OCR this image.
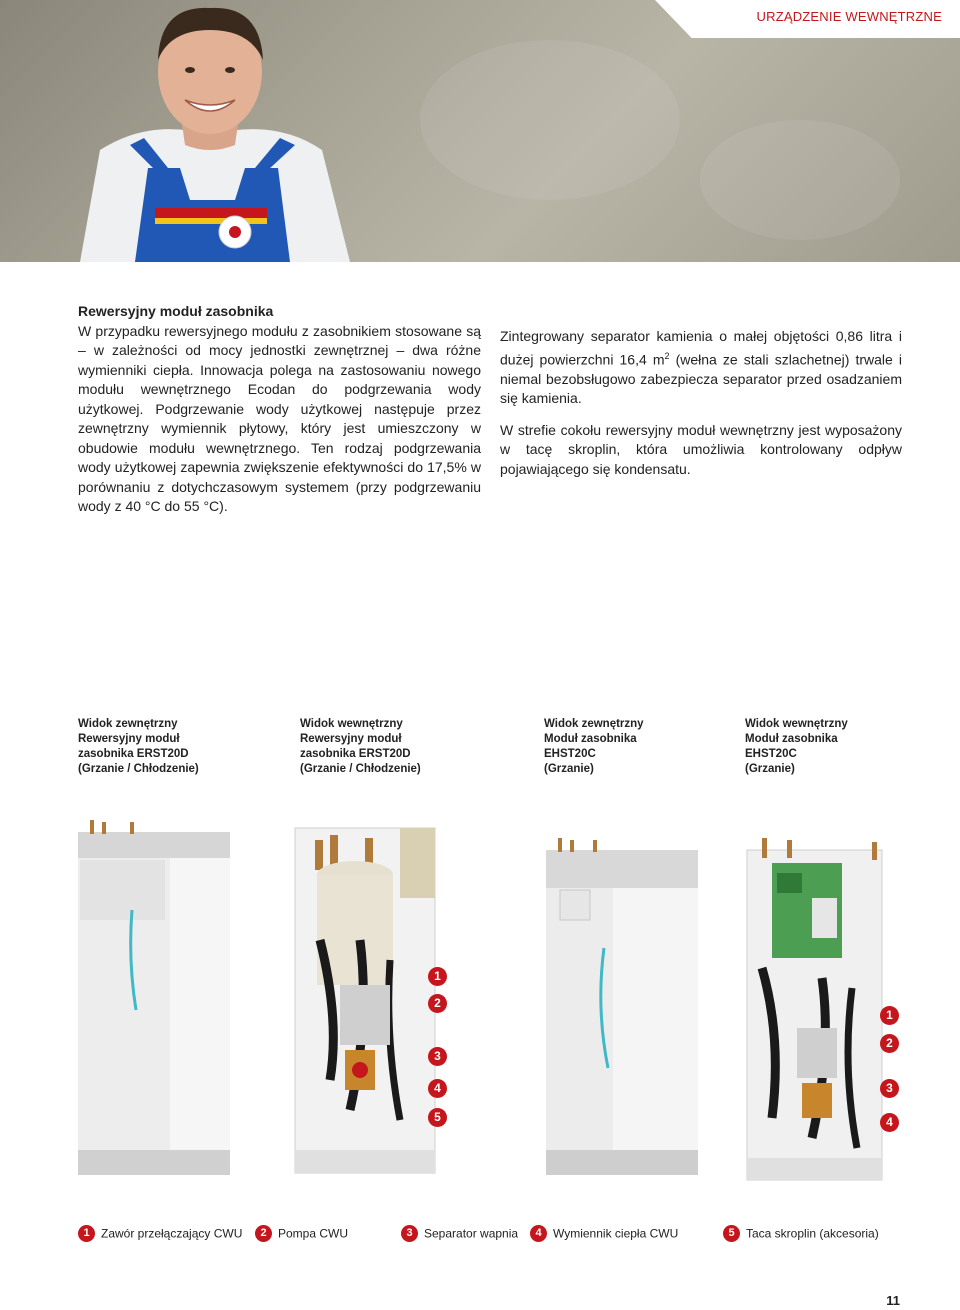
URZĄDZENIE WEWNĘTRZNE

Rewersyjny moduł zasobnika
W przypadku rewersyjnego modułu z zasobnikiem stosowane są – w zależności od mocy jednostki zewnętrznej – dwa różne wymienniki ciepła. Innowacja polega na zastosowaniu nowego modułu wewnętrznego Ecodan do podgrzewania wody użytkowej. Podgrzewanie wody użytkowej następuje przez zewnętrzny wymiennik płytowy, który jest umieszczony w obudowie modułu wewnętrznego. Ten rodzaj podgrzewania wody użytkowej zapewnia zwiększenie efektywności do 17,5% w porównaniu z dotychczasowym systemem (przy podgrzewaniu wody z 40 °C do 55 °C).

Zintegrowany separator kamienia o małej objętości 0,86 litra i dużej powierzchni 16,4 $m^2$ (wełna ze stali szlachetnej) trwale i niemal bezobsługowo zabezpiecza separator przed osadzaniem się kamienia.

W strefie cokołu rewersyjny moduł wewnętrzny jest wyposażony w tacę skroplin, która umożliwia kontrolowany odpływ pojawiającego się kondensatu.

Widok zewnętrzny
Rewersyjny moduł
zasobnika ERST20D
(Grzanie / Chłodzenie)
Widok wewnętrzny
Rewersyjny moduł
zasobnika ERST20D
(Grzanie / Chłodzenie)
Widok zewnętrzny
Moduł zasobnika
EHST20C
(Grzanie)
Widok wewnętrzny
Moduł zasobnika
EHST20C
(Grzanie)
1
2
3
4
5
1
2
3
4
1 Zawór przełączający CWU	2 Pompa CWU	3 Separator wapnia	4 Wymiennik ciepła CWU	5 Taca skroplin (akcesoria)
11
